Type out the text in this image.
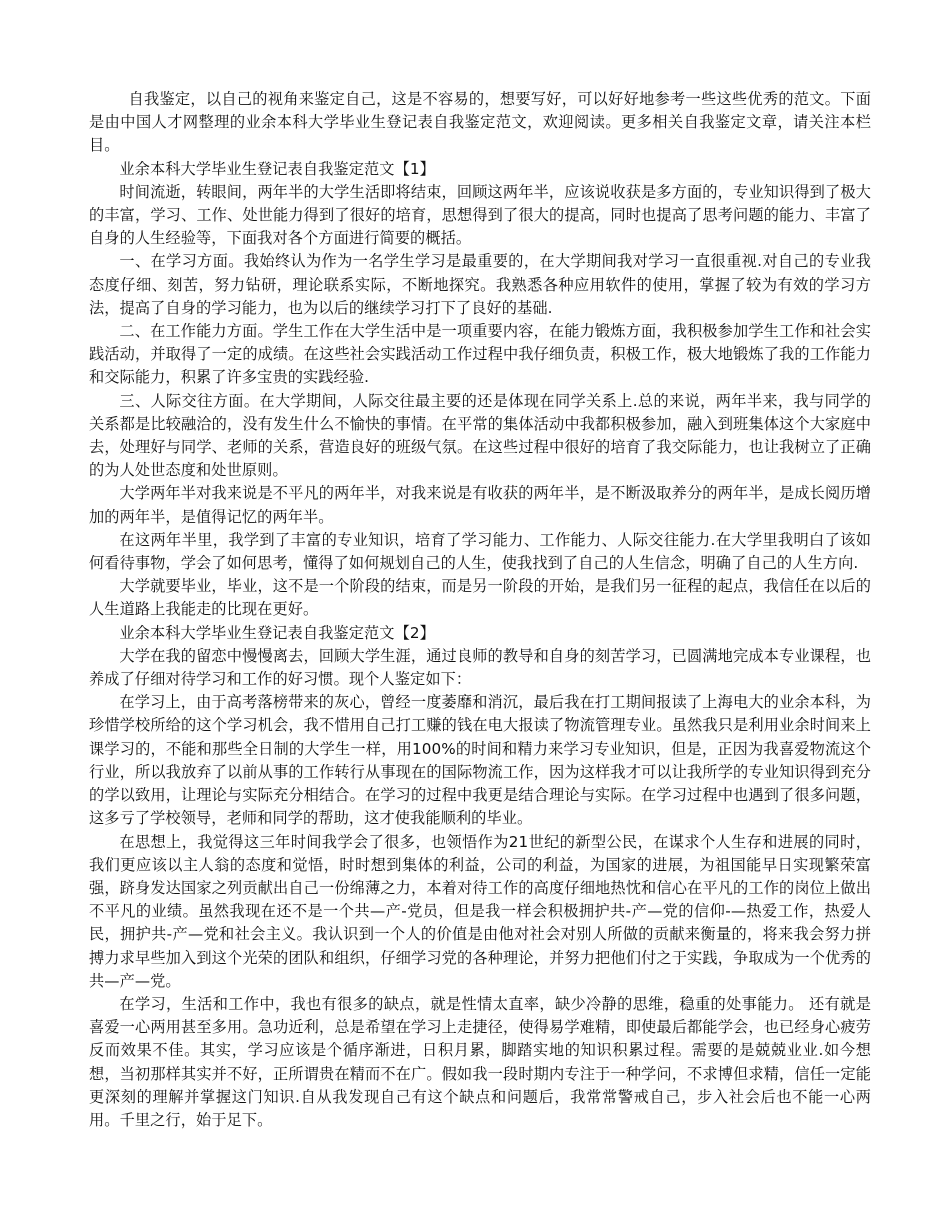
自我鉴定，以自己的视角来鉴定自己，这是不容易的，想要写好，可以好好地参考一些这些优秀的范文。下面是由中国人才网整理的业余本科大学毕业生登记表自我鉴定范文，欢迎阅读。更多相关自我鉴定文章，请关注本栏目。

业余本科大学毕业生登记表自我鉴定范文【1】

时间流逝，转眼间，两年半的大学生活即将结束，回顾这两年半，应该说收获是多方面的，专业知识得到了极大的丰富，学习、工作、处世能力得到了很好的培育，思想得到了很大的提高，同时也提高了思考问题的能力、丰富了自身的人生经验等，下面我对各个方面进行简要的概括。

一、在学习方面。我始终认为作为一名学生学习是最重要的，在大学期间我对学习一直很重视.对自己的专业我态度仔细、刻苦，努力钻研，理论联系实际，不断地探究。我熟悉各种应用软件的使用，掌握了较为有效的学习方法，提高了自身的学习能力，也为以后的继续学习打下了良好的基础.

二、在工作能力方面。学生工作在大学生活中是一项重要内容，在能力锻炼方面，我积极参加学生工作和社会实践活动，并取得了一定的成绩。在这些社会实践活动工作过程中我仔细负责，积极工作，极大地锻炼了我的工作能力和交际能力，积累了许多宝贵的实践经验.

三、人际交往方面。在大学期间，人际交往最主要的还是体现在同学关系上.总的来说，两年半来，我与同学的关系都是比较融洽的，没有发生什么不愉快的事情。在平常的集体活动中我都积极参加，融入到班集体这个大家庭中去，处理好与同学、老师的关系，营造良好的班级气氛。在这些过程中很好的培育了我交际能力，也让我树立了正确的为人处世态度和处世原则。

大学两年半对我来说是不平凡的两年半，对我来说是有收获的两年半，是不断汲取养分的两年半，是成长阅历增加的两年半，是值得记忆的两年半。

在这两年半里，我学到了丰富的专业知识，培育了学习能力、工作能力、人际交往能力.在大学里我明白了该如何看待事物，学会了如何思考，懂得了如何规划自己的人生，使我找到了自己的人生信念，明确了自己的人生方向.

大学就要毕业，毕业，这不是一个阶段的结束，而是另一阶段的开始，是我们另一征程的起点，我信任在以后的人生道路上我能走的比现在更好。

业余本科大学毕业生登记表自我鉴定范文【2】

大学在我的留恋中慢慢离去，回顾大学生涯，通过良师的教导和自身的刻苦学习，已圆满地完成本专业课程，也养成了仔细对待学习和工作的好习惯。现个人鉴定如下：

在学习上，由于高考落榜带来的灰心，曾经一度萎靡和消沉，最后我在打工期间报读了上海电大的业余本科，为珍惜学校所给的这个学习机会，我不惜用自己打工赚的钱在电大报读了物流管理专业。虽然我只是利用业余时间来上课学习的，不能和那些全日制的大学生一样，用100%的时间和精力来学习专业知识，但是，正因为我喜爱物流这个行业，所以我放弃了以前从事的工作转行从事现在的国际物流工作，因为这样我才可以让我所学的专业知识得到充分的学以致用，让理论与实际充分相结合。在学习的过程中我更是结合理论与实际。在学习过程中也遇到了很多问题，这多亏了学校领导，老师和同学的帮助，这才使我能顺利的毕业。

在思想上，我觉得这三年时间我学会了很多，也领悟作为21世纪的新型公民，在谋求个人生存和进展的同时，我们更应该以主人翁的态度和觉悟，时时想到集体的利益，公司的利益，为国家的进展，为祖国能早日实现繁荣富强，跻身发达国家之列贡献出自己一份绵薄之力，本着对待工作的高度仔细地热忱和信心在平凡的工作的岗位上做出不平凡的业绩。虽然我现在还不是一个共—产-党员，但是我一样会积极拥护共-产—党的信仰-—热爱工作，热爱人民，拥护共-产—党和社会主义。我认识到一个人的价值是由他对社会对别人所做的贡献来衡量的，将来我会努力拼搏力求早些加入到这个光荣的团队和组织，仔细学习党的各种理论，并努力把他们付之于实践，争取成为一个优秀的共—产—党。

在学习，生活和工作中，我也有很多的缺点，就是性情太直率，缺少冷静的思维，稳重的处事能力。 还有就是喜爱一心两用甚至多用。急功近利，总是希望在学习上走捷径，使得易学难精，即使最后都能学会，也已经身心疲劳反而效果不佳。其实，学习应该是个循序渐进，日积月累，脚踏实地的知识积累过程。需要的是兢兢业业.如今想想，当初那样其实并不好，正所谓贵在精而不在广。假如我一段时期内专注于一种学问，不求博但求精，信任一定能更深刻的理解并掌握这门知识.自从我发现自己有这个缺点和问题后，我常常警戒自己，步入社会后也不能一心两用。千里之行，始于足下。
